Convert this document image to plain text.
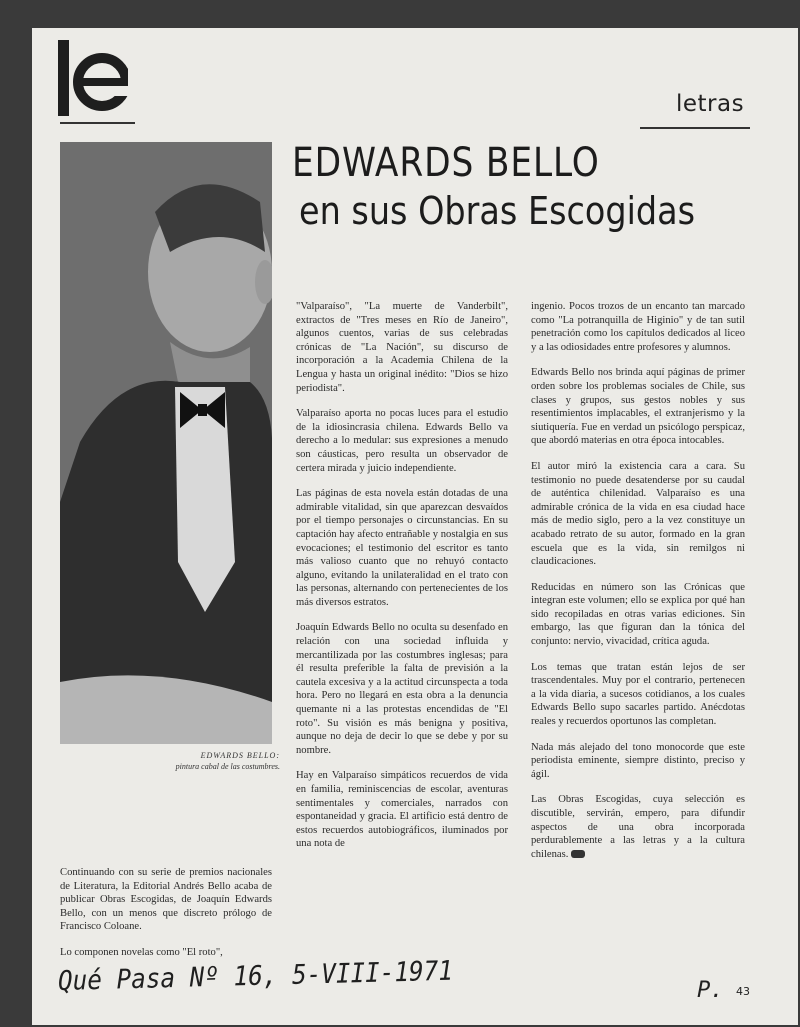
letras
EDWARDS BELLO
en sus Obras Escogidas
EDWARDS BELLO:
pintura cabal de las costumbres.

Continuando con su serie de premios nacionales de Literatura, la Editorial Andrés Bello acaba de publicar Obras Escogidas, de Joaquín Edwards Bello, con un menos que discreto prólogo de Francisco Coloane.

Lo componen novelas como "El roto",

"Valparaíso", "La muerte de Vanderbilt", extractos de "Tres meses en Río de Janeiro", algunos cuentos, varias de sus celebradas crónicas de "La Nación", su discurso de incorporación a la Academia Chilena de la Lengua y hasta un original inédito: "Dios se hizo periodista".

Valparaíso aporta no pocas luces para el estudio de la idiosincrasia chilena. Edwards Bello va derecho a lo medular: sus expresiones a menudo son cáusticas, pero resulta un observador de certera mirada y juicio independiente.

Las páginas de esta novela están dotadas de una admirable vitalidad, sin que aparezcan desvaídos por el tiempo personajes o circunstancias. En su captación hay afecto entrañable y nostalgia en sus evocaciones; el testimonio del escritor es tanto más valioso cuanto que no rehuyó contacto alguno, evitando la unilateralidad en el trato con las personas, alternando con pertenecientes de los más diversos estratos.

Joaquín Edwards Bello no oculta su desenfado en relación con una sociedad influida y mercantilizada por las costumbres inglesas; para él resulta preferible la falta de previsión a la cautela excesiva y a la actitud circunspecta a toda hora. Pero no llegará en esta obra a la denuncia quemante ni a las protestas encendidas de "El roto". Su visión es más benigna y positiva, aunque no deja de decir lo que se debe y por su nombre.

Hay en Valparaíso simpáticos recuerdos de vida en familia, reminiscencias de escolar, aventuras sentimentales y comerciales, narrados con espontaneidad y gracia. El artificio está dentro de estos recuerdos autobiográficos, iluminados por una nota de

ingenio. Pocos trozos de un encanto tan marcado como "La potranquilla de Higinio" y de tan sutil penetración como los capítulos dedicados al liceo y a las odiosidades entre profesores y alumnos.

Edwards Bello nos brinda aquí páginas de primer orden sobre los problemas sociales de Chile, sus clases y grupos, sus gestos nobles y sus resentimientos implacables, el extranjerismo y la siutiquería. Fue en verdad un psicólogo perspicaz, que abordó materias en otra época intocables.

El autor miró la existencia cara a cara. Su testimonio no puede desatenderse por su caudal de auténtica chilenidad. Valparaíso es una admirable crónica de la vida en esa ciudad hace más de medio siglo, pero a la vez constituye un acabado retrato de su autor, formado en la gran escuela que es la vida, sin remilgos ni claudicaciones.

Reducidas en número son las Crónicas que integran este volumen; ello se explica por qué han sido recopiladas en otras varias ediciones. Sin embargo, las que figuran dan la tónica del conjunto: nervio, vivacidad, crítica aguda.

Los temas que tratan están lejos de ser trascendentales. Muy por el contrario, pertenecen a la vida diaria, a sucesos cotidianos, a los cuales Edwards Bello supo sacarles partido. Anécdotas reales y recuerdos oportunos las completan.

Nada más alejado del tono monocorde que este periodista eminente, siempre distinto, preciso y ágil.

Las Obras Escogidas, cuya selección es discutible, servirán, empero, para difundir aspectos de una obra incorporada perdurablemente a las letras y a la cultura chilenas.

Qué Pasa Nº 16, 5-VIII-1971	P. 43
